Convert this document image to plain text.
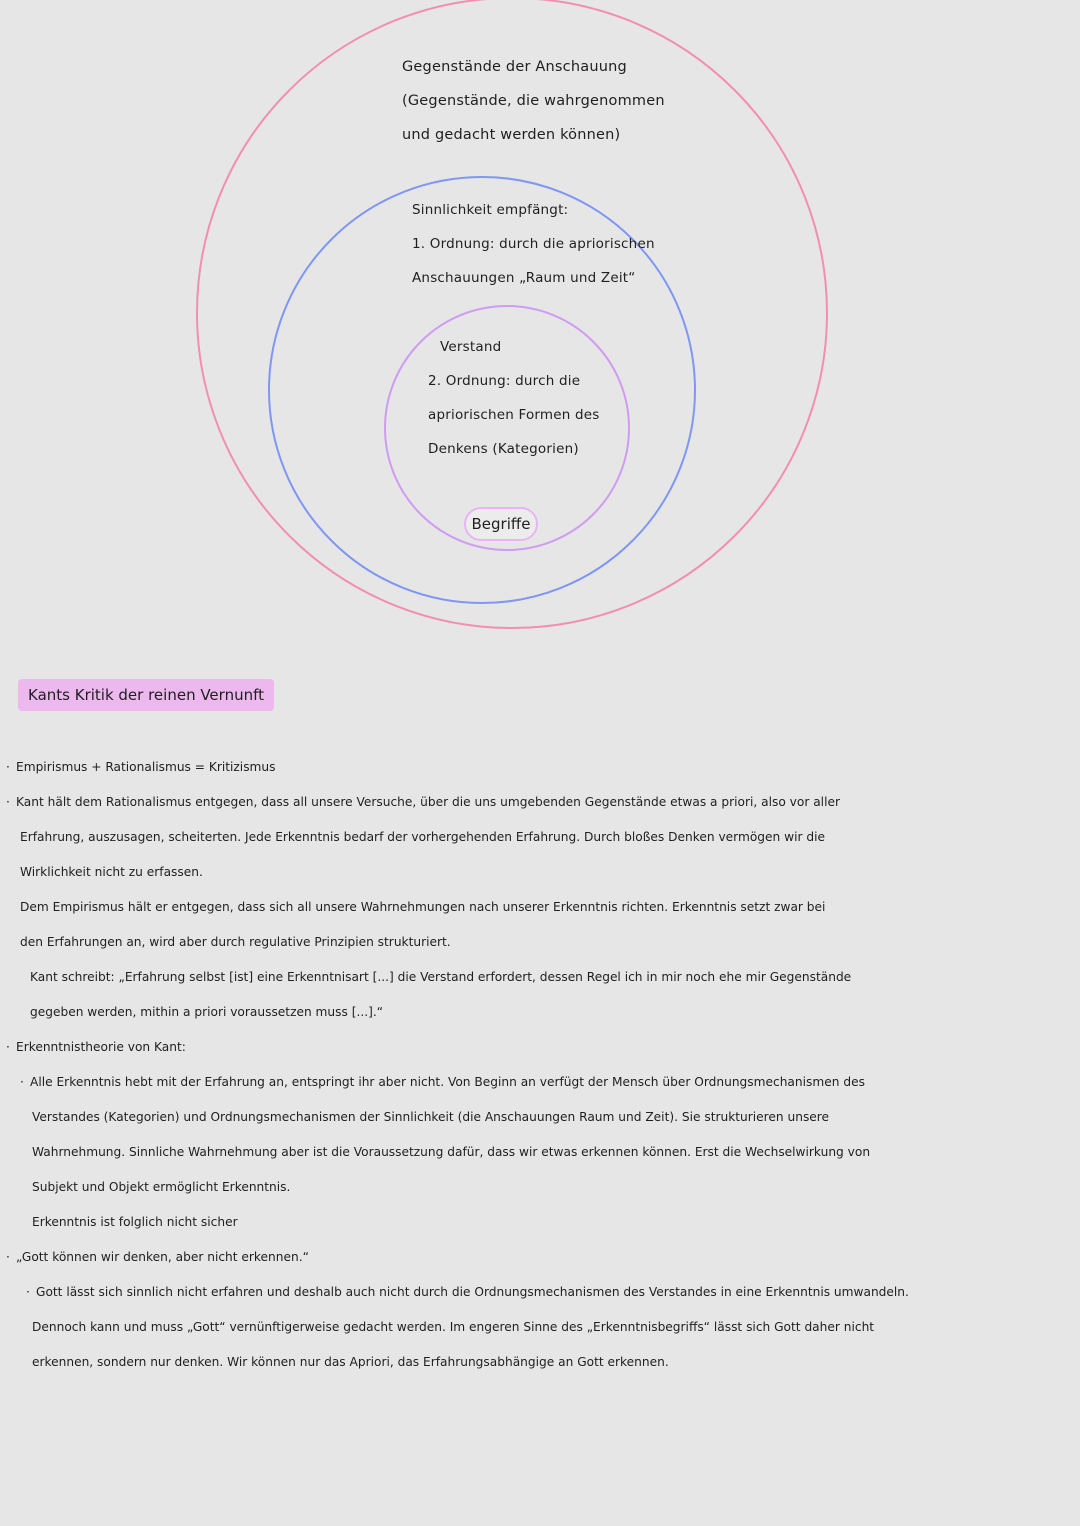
Gegenstände der Anschauung
(Gegenstände, die wahrgenommen
und gedacht werden können)
Sinnlichkeit empfängt:
1. Ordnung: durch die apriorischen
Anschauungen „Raum und Zeit“
Verstand
2. Ordnung: durch die
apriorischen Formen des
Denkens (Kategorien)
Begriffe
Kants Kritik der reinen Vernunft
· Empirismus + Rationalismus = Kritizismus
· Kant hält dem Rationalismus entgegen, dass all unsere Versuche, über die uns umgebenden Gegenstände etwas a priori, also vor aller
Erfahrung, auszusagen, scheiterten. Jede Erkenntnis bedarf der vorhergehenden Erfahrung. Durch bloßes Denken vermögen wir die
Wirklichkeit nicht zu erfassen.
Dem Empirismus hält er entgegen, dass sich all unsere Wahrnehmungen nach unserer Erkenntnis richten. Erkenntnis setzt zwar bei
den Erfahrungen an, wird aber durch regulative Prinzipien strukturiert.
Kant schreibt: „Erfahrung selbst [ist] eine Erkenntnisart [...] die Verstand erfordert, dessen Regel ich in mir noch ehe mir Gegenstände
gegeben werden, mithin a priori voraussetzen muss [...].“
· Erkenntnistheorie von Kant:
· Alle Erkenntnis hebt mit der Erfahrung an, entspringt ihr aber nicht. Von Beginn an verfügt der Mensch über Ordnungsmechanismen des
Verstandes (Kategorien) und Ordnungsmechanismen der Sinnlichkeit (die Anschauungen Raum und Zeit). Sie strukturieren unsere
Wahrnehmung. Sinnliche Wahrnehmung aber ist die Voraussetzung dafür, dass wir etwas erkennen können. Erst die Wechselwirkung von
Subjekt und Objekt ermöglicht Erkenntnis.
Erkenntnis ist folglich nicht sicher
· „Gott können wir denken, aber nicht erkennen.“
· Gott lässt sich sinnlich nicht erfahren und deshalb auch nicht durch die Ordnungsmechanismen des Verstandes in eine Erkenntnis umwandeln.
Dennoch kann und muss „Gott“ vernünftigerweise gedacht werden. Im engeren Sinne des „Erkenntnisbegriffs“ lässt sich Gott daher nicht
erkennen, sondern nur denken. Wir können nur das Apriori, das Erfahrungsabhängige an Gott erkennen.
